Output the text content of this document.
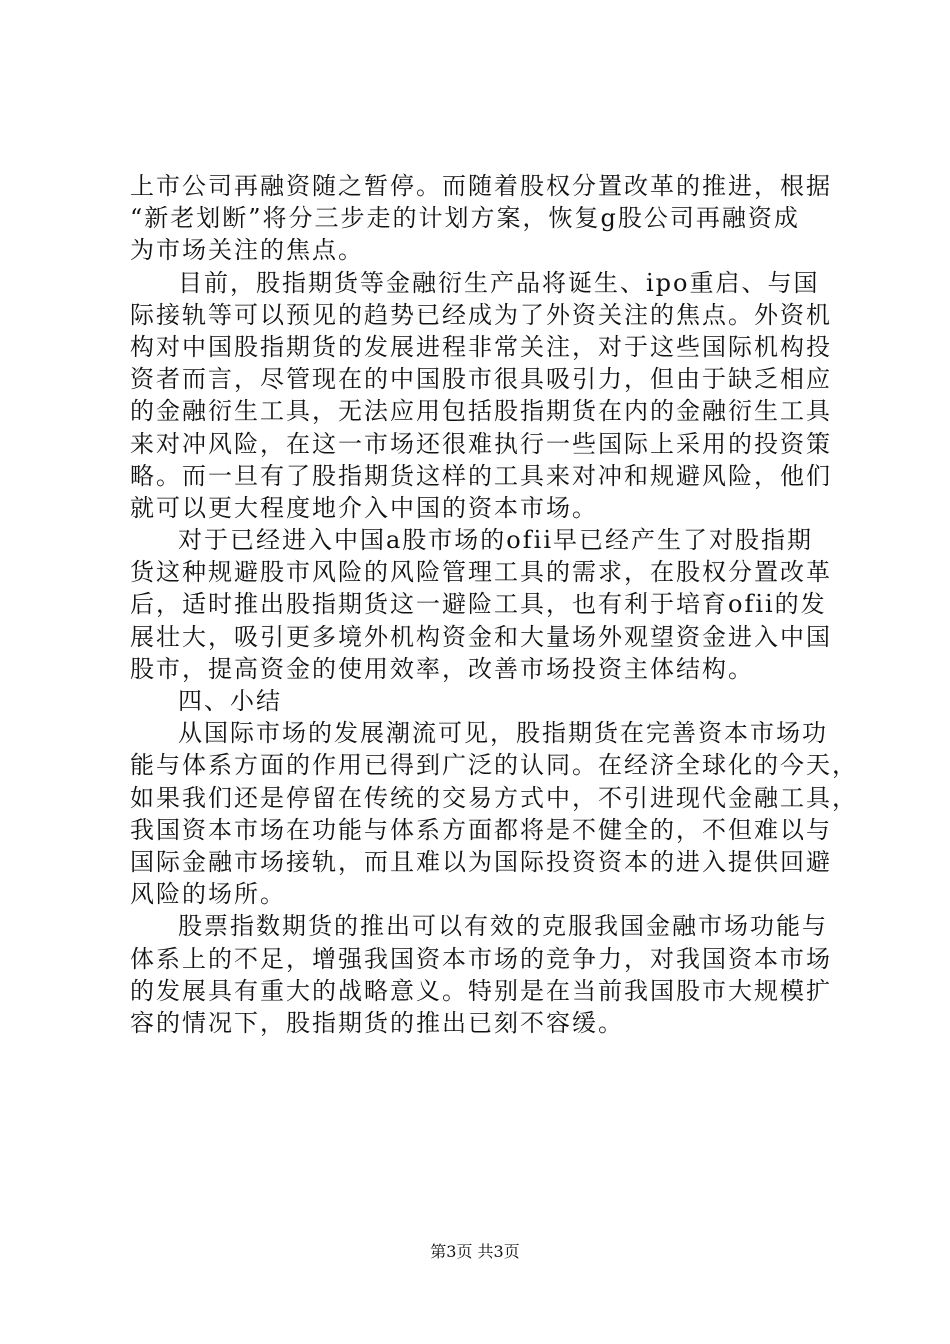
上市公司再融资随之暂停。而随着股权分置改革的推进，根据
“新老划断”将分三步走的计划方案，恢复g股公司再融资成
为市场关注的焦点。
目前，股指期货等金融衍生产品将诞生、ipo重启、与国
际接轨等可以预见的趋势已经成为了外资关注的焦点。外资机
构对中国股指期货的发展进程非常关注，对于这些国际机构投
资者而言，尽管现在的中国股市很具吸引力，但由于缺乏相应
的金融衍生工具，无法应用包括股指期货在内的金融衍生工具
来对冲风险，在这一市场还很难执行一些国际上采用的投资策
略。而一旦有了股指期货这样的工具来对冲和规避风险，他们
就可以更大程度地介入中国的资本市场。
对于已经进入中国a股市场的ofii早已经产生了对股指期
货这种规避股市风险的风险管理工具的需求，在股权分置改革
后，适时推出股指期货这一避险工具，也有利于培育ofii的发
展壮大，吸引更多境外机构资金和大量场外观望资金进入中国
股市，提高资金的使用效率，改善市场投资主体结构。
四、小结
从国际市场的发展潮流可见，股指期货在完善资本市场功
能与体系方面的作用已得到广泛的认同。在经济全球化的今天，
如果我们还是停留在传统的交易方式中，不引进现代金融工具，
我国资本市场在功能与体系方面都将是不健全的，不但难以与
国际金融市场接轨，而且难以为国际投资资本的进入提供回避
风险的场所。
股票指数期货的推出可以有效的克服我国金融市场功能与
体系上的不足，增强我国资本市场的竞争力，对我国资本市场
的发展具有重大的战略意义。特别是在当前我国股市大规模扩
容的情况下，股指期货的推出已刻不容缓。
第3页 共3页
